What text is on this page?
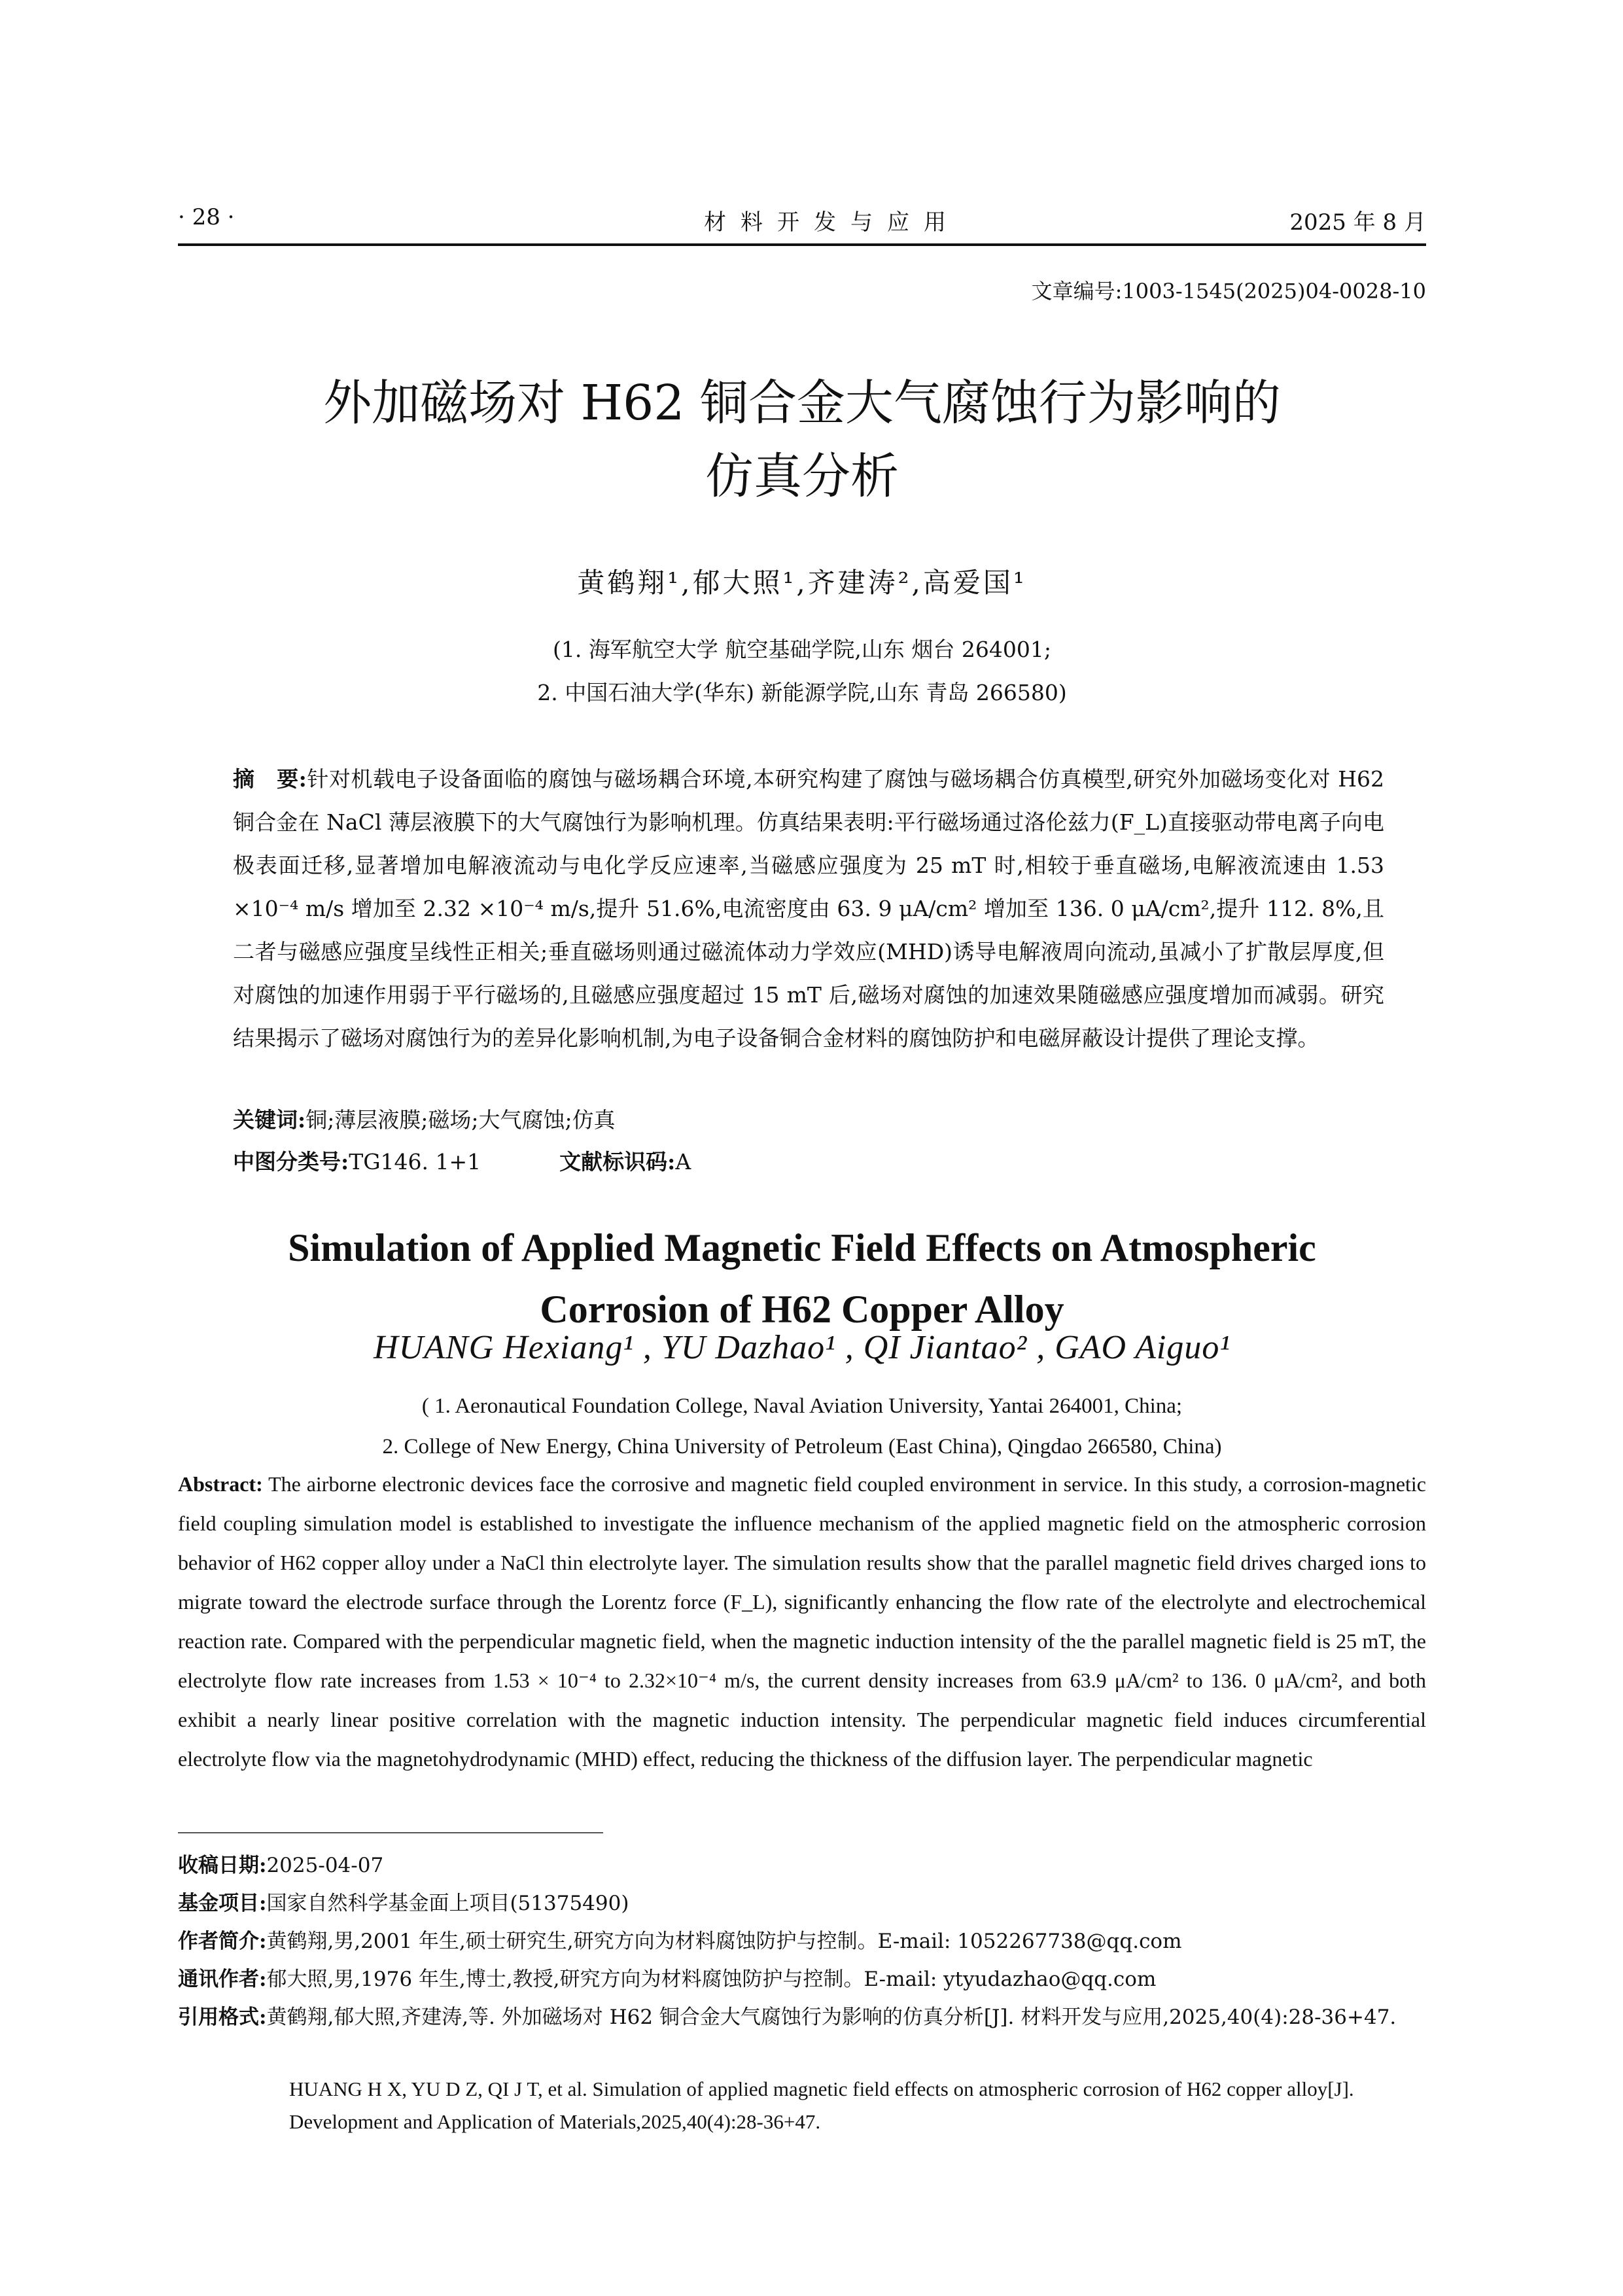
· 28 ·	材料开发与应用	2025 年 8 月
文章编号:1003-1545(2025)04-0028-10
外加磁场对 H62 铜合金大气腐蚀行为影响的
仿真分析
黄鹤翔¹,郁大照¹,齐建涛²,高爱国¹
(1. 海军航空大学 航空基础学院,山东 烟台 264001;
2. 中国石油大学(华东) 新能源学院,山东 青岛 266580)
摘　要:针对机载电子设备面临的腐蚀与磁场耦合环境,本研究构建了腐蚀与磁场耦合仿真模型,研究外加磁场变化对 H62 铜合金在 NaCl 薄层液膜下的大气腐蚀行为影响机理。仿真结果表明:平行磁场通过洛伦兹力(F_L)直接驱动带电离子向电极表面迁移,显著增加电解液流动与电化学反应速率,当磁感应强度为 25 mT 时,相较于垂直磁场,电解液流速由 1.53 ×10⁻⁴ m/s 增加至 2.32 ×10⁻⁴ m/s,提升 51.6%,电流密度由 63. 9 μA/cm² 增加至 136. 0 μA/cm²,提升 112. 8%,且二者与磁感应强度呈线性正相关;垂直磁场则通过磁流体动力学效应(MHD)诱导电解液周向流动,虽减小了扩散层厚度,但对腐蚀的加速作用弱于平行磁场的,且磁感应强度超过 15 mT 后,磁场对腐蚀的加速效果随磁感应强度增加而减弱。研究结果揭示了磁场对腐蚀行为的差异化影响机制,为电子设备铜合金材料的腐蚀防护和电磁屏蔽设计提供了理论支撑。
关键词:铜;薄层液膜;磁场;大气腐蚀;仿真
中图分类号:TG146. 1+1	文献标识码:A
Simulation of Applied Magnetic Field Effects on Atmospheric
Corrosion of H62 Copper Alloy
HUANG Hexiang¹ , YU Dazhao¹ , QI Jiantao² , GAO Aiguo¹
( 1. Aeronautical Foundation College, Naval Aviation University, Yantai 264001, China;
2. College of New Energy, China University of Petroleum (East China), Qingdao 266580, China)
Abstract: The airborne electronic devices face the corrosive and magnetic field coupled environment in service. In this study, a corrosion-magnetic field coupling simulation model is established to investigate the influence mechanism of the applied magnetic field on the atmospheric corrosion behavior of H62 copper alloy under a NaCl thin electrolyte layer. The simulation results show that the parallel magnetic field drives charged ions to migrate toward the electrode surface through the Lorentz force (F_L), significantly enhancing the flow rate of the electrolyte and electrochemical reaction rate. Compared with the perpendicular magnetic field, when the magnetic induction intensity of the the parallel magnetic field is 25 mT, the electrolyte flow rate increases from 1.53 × 10⁻⁴ to 2.32×10⁻⁴ m/s, the current density increases from 63.9 μA/cm² to 136. 0 μA/cm², and both exhibit a nearly linear positive correlation with the magnetic induction intensity. The perpendicular magnetic field induces circumferential electrolyte flow via the magnetohydrodynamic (MHD) effect, reducing the thickness of the diffusion layer. The perpendicular magnetic
收稿日期:2025-04-07
基金项目:国家自然科学基金面上项目(51375490)
作者简介:黄鹤翔,男,2001 年生,硕士研究生,研究方向为材料腐蚀防护与控制。E-mail: 1052267738@qq.com
通讯作者:郁大照,男,1976 年生,博士,教授,研究方向为材料腐蚀防护与控制。E-mail: ytyudazhao@qq.com
引用格式:黄鹤翔,郁大照,齐建涛,等. 外加磁场对 H62 铜合金大气腐蚀行为影响的仿真分析[J]. 材料开发与应用,2025,40(4):28-36+47.
HUANG H X, YU D Z, QI J T, et al. Simulation of applied magnetic field effects on atmospheric corrosion of H62 copper alloy[J]. Development and Application of Materials,2025,40(4):28-36+47.
